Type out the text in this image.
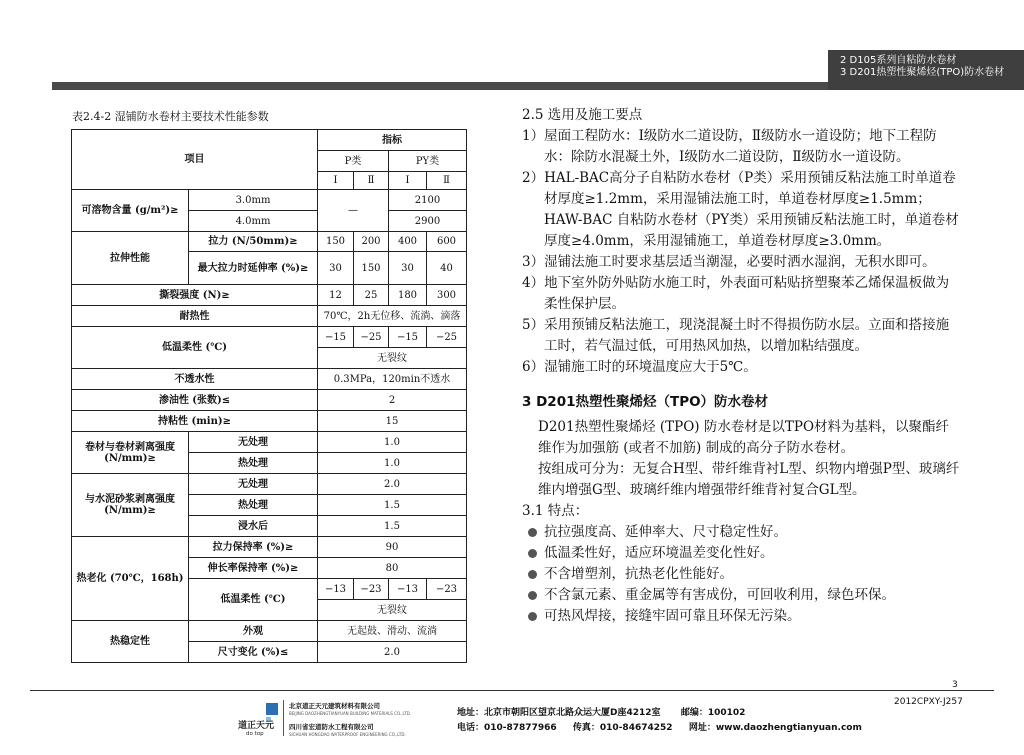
2 D105系列自粘防水卷材
3 D201热塑性聚烯烃(TPO)防水卷材
表2.4-2 湿铺防水卷材主要技术性能参数
项目		指标			
		P类		PY类	
		Ⅰ	Ⅱ	Ⅰ	Ⅱ
可溶物含量 (g/m²)≥	3.0mm	—		2100	
	4.0mm			2900	
拉伸性能	拉力 (N/50mm)≥	150	200	400	600
	最大拉力时延伸率 (%)≥	30	150	30	40
撕裂强度 (N)≥		12	25	180	300
耐热性		70℃，2h无位移、流淌、滴落			
低温柔性 (℃)		−15	−25	−15	−25
		无裂纹			
不透水性		0.3MPa，120min不透水			
渗油性 (张数)≤		2			
持粘性 (min)≥		15			
卷材与卷材剥离强度 (N/mm)≥	无处理	1.0			
	热处理	1.0			
与水泥砂浆剥离强度 (N/mm)≥	无处理	2.0			
	热处理	1.5			
	浸水后	1.5			
热老化 (70℃，168h)	拉力保持率 (%)≥	90			
	伸长率保持率 (%)≥	80			
	低温柔性 (℃)	−13	−23	−13	−23
		无裂纹			
热稳定性	外观	无起鼓、滑动、流淌			
	尺寸变化 (%)≤	2.0			

2.5 选用及施工要点

1）屋面工程防水：Ⅰ级防水二道设防，Ⅱ级防水一道设防；地下工程防水：除防水混凝土外，Ⅰ级防水二道设防，Ⅱ级防水一道设防。

2）HAL-BAC高分子自粘防水卷材（P类）采用预铺反粘法施工时单道卷材厚度≥1.2mm，采用湿铺法施工时，单道卷材厚度≥1.5mm；HAW-BAC 自粘防水卷材（PY类）采用预铺反粘法施工时，单道卷材厚度≥4.0mm，采用湿铺施工，单道卷材厚度≥3.0mm。

3）湿铺法施工时要求基层适当潮湿，必要时洒水湿润，无积水即可。

4）地下室外防外贴防水施工时，外表面可粘贴挤塑聚苯乙烯保温板做为柔性保护层。

5）采用预铺反粘法施工，现浇混凝土时不得损伤防水层。立面和搭接施工时，若气温过低，可用热风加热，以增加粘结强度。

6）湿铺施工时的环境温度应大于5℃。

3 D201热塑性聚烯烃（TPO）防水卷材

D201热塑性聚烯烃 (TPO) 防水卷材是以TPO材料为基料，以聚酯纤维作为加强筋 (或者不加筋) 制成的高分子防水卷材。

按组成可分为：无复合H型、带纤维背衬L型、织物内增强P型、玻璃纤维内增强G型、玻璃纤维内增强带纤维背衬复合GL型。

3.1 特点：

抗拉强度高、延伸率大、尺寸稳定性好。

低温柔性好，适应环境温差变化性好。

不含增塑剂，抗热老化性能好。

不含氯元素、重金属等有害成份，可回收利用，绿色环保。

可热风焊接，接缝牢固可靠且环保无污染。

3
2012CPXY-J257
道正天元
do top
北京道正天元建筑材料有限公司
BEIJING DAOZHENGTIANYUAN BUILDING MATERIALS CO.,LTD.
四川省宏道防水工程有限公司
SICHUAN HONGDAO WATERPROOF ENGINEERING CO.,LTD.
地址：北京市朝阳区望京北路众运大厦D座4212室 邮编：100102
电话：010-87877966 传真：010-84674252 网址：www.daozhengtianyuan.com
